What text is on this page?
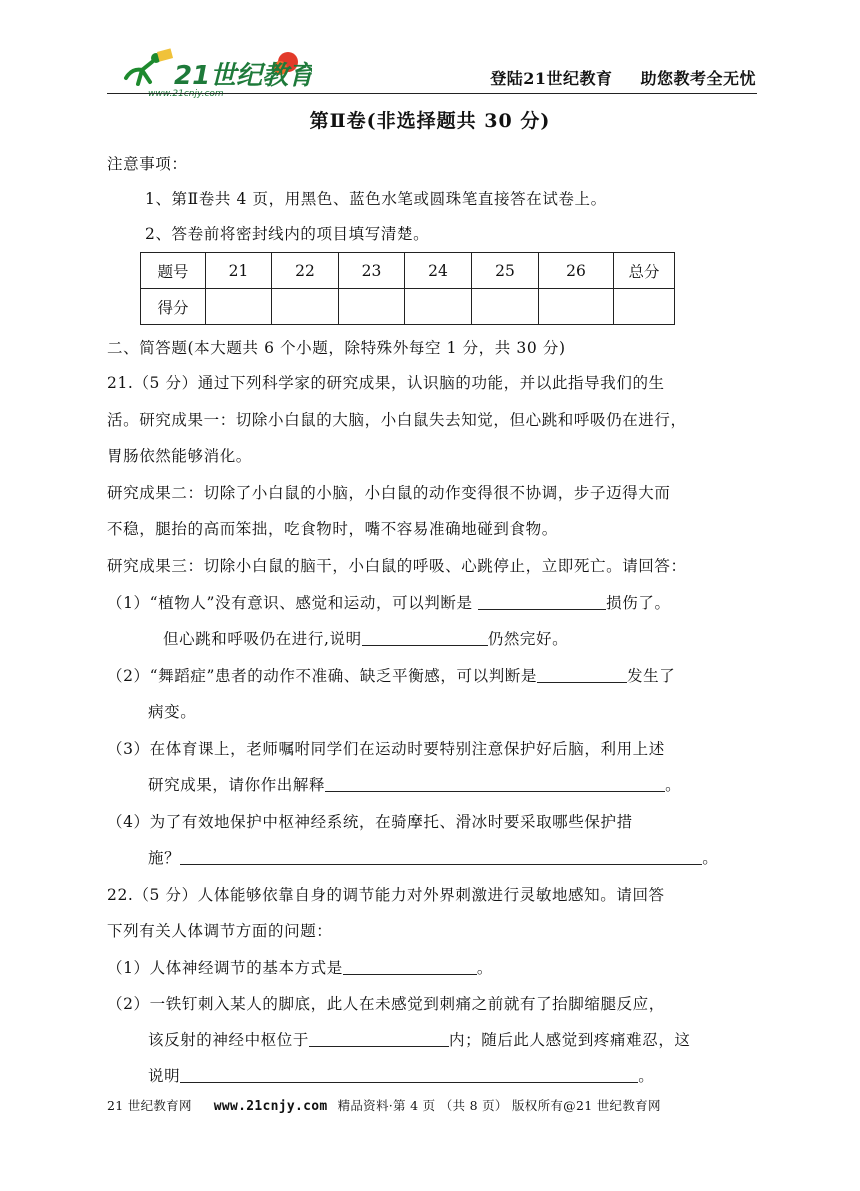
21世纪教育
www.21cnjy.com
登陆21世纪教育 助您教考全无忧
第Ⅱ卷(非选择题共 30 分)
注意事项：
1、第Ⅱ卷共 4 页，用黑色、蓝色水笔或圆珠笔直接答在试卷上。
2、答卷前将密封线内的项目填写清楚。
题号	21	22	23	24	25	26	总分
得分							
二、简答题(本大题共 6 个小题，除特殊外每空 1 分，共 30 分)
21.（5 分）通过下列科学家的研究成果，认识脑的功能，并以此指导我们的生
活。研究成果一：切除小白鼠的大脑，小白鼠失去知觉，但心跳和呼吸仍在进行，
胃肠依然能够消化。
研究成果二：切除了小白鼠的小脑，小白鼠的动作变得很不协调，步子迈得大而
不稳，腿抬的高而笨拙，吃食物时，嘴不容易准确地碰到食物。
研究成果三：切除小白鼠的脑干，小白鼠的呼吸、心跳停止，立即死亡。请回答：
（1）“植物人”没有意识、感觉和运动，可以判断是	损伤了。
但心跳和呼吸仍在进行,说明	仍然完好。
（2）“舞蹈症”患者的动作不准确、缺乏平衡感，可以判断是	发生了
病变。
（3）在体育课上，老师嘱咐同学们在运动时要特别注意保护好后脑，利用上述
研究成果，请你作出解释	。
（4）为了有效地保护中枢神经系统，在骑摩托、滑冰时要采取哪些保护措
施？	。
22.（5 分）人体能够依靠自身的调节能力对外界刺激进行灵敏地感知。请回答
下列有关人体调节方面的问题：
（1）人体神经调节的基本方式是	。
（2）一铁钉刺入某人的脚底，此人在未感觉到刺痛之前就有了抬脚缩腿反应，
该反射的神经中枢位于	内；随后此人感觉到疼痛难忍，这
说明	。
21 世纪教育网 www.21cnjy.com 精品资料·第 4 页 （共 8 页） 版权所有@21 世纪教育网
